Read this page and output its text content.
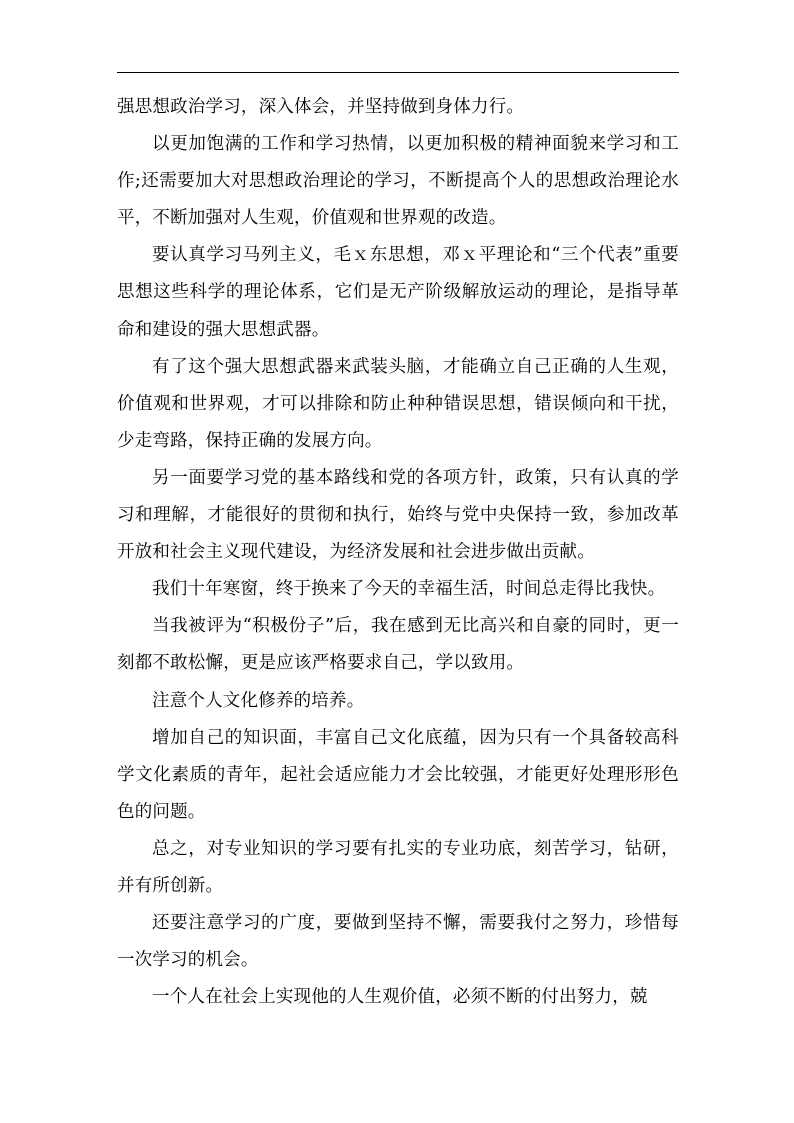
强思想政治学习，深入体会，并坚持做到身体力行。

以更加饱满的工作和学习热情，以更加积极的精神面貌来学习和工作;还需要加大对思想政治理论的学习，不断提高个人的思想政治理论水平，不断加强对人生观，价值观和世界观的改造。

要认真学习马列主义，毛ｘ东思想，邓ｘ平理论和“三个代表”重要思想这些科学的理论体系，它们是无产阶级解放运动的理论，是指导革命和建设的强大思想武器。

有了这个强大思想武器来武装头脑，才能确立自己正确的人生观，价值观和世界观，才可以排除和防止种种错误思想，错误倾向和干扰，少走弯路，保持正确的发展方向。

另一面要学习党的基本路线和党的各项方针，政策，只有认真的学习和理解，才能很好的贯彻和执行，始终与党中央保持一致，参加改革开放和社会主义现代建设，为经济发展和社会进步做出贡献。

我们十年寒窗，终于换来了今天的幸福生活，时间总走得比我快。

当我被评为“积极份子”后，我在感到无比高兴和自豪的同时，更一刻都不敢松懈，更是应该严格要求自己，学以致用。

注意个人文化修养的培养。

增加自己的知识面，丰富自己文化底蕴，因为只有一个具备较高科学文化素质的青年，起社会适应能力才会比较强，才能更好处理形形色色的问题。

总之，对专业知识的学习要有扎实的专业功底，刻苦学习，钻研，并有所创新。

还要注意学习的广度，要做到坚持不懈，需要我付之努力，珍惜每一次学习的机会。

一个人在社会上实现他的人生观价值，必须不断的付出努力，兢
